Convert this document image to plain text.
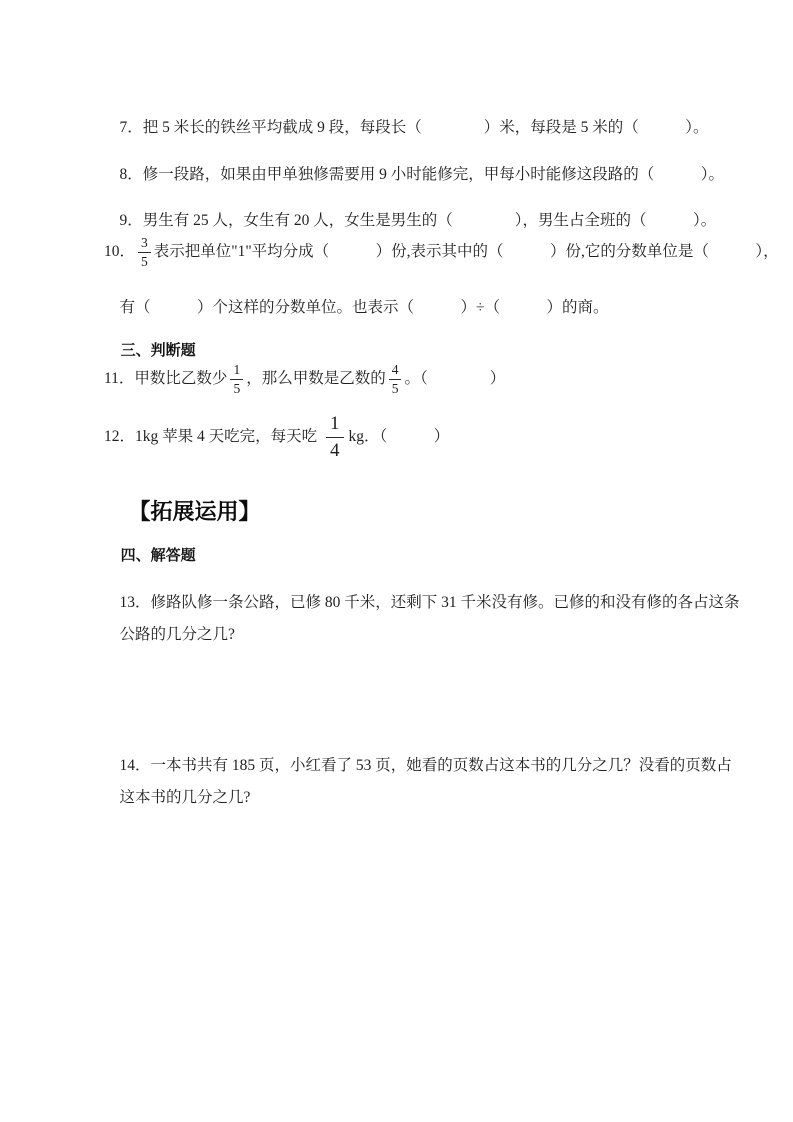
7．把 5 米长的铁丝平均截成 9 段，每段长（　　　　）米，每段是 5 米的（　　　）。

8．修一段路，如果由甲单独修需要用 9 小时能修完，甲每小时能修这段路的（　　　）。

9．男生有 25 人，女生有 20 人，女生是男生的（　　　　），男生占全班的（　　　）。

10． $\frac{3}{5}$ 表示把单位"1"平均分成（　　　）份,表示其中的（　　　）份,它的分数单位是（　　　），

有（　　　）个这样的分数单位。也表示（　　　）÷（　　　）的商。

三、判断题

11．甲数比乙数少 $\frac{1}{5}$ ，那么甲数是乙数的 $\frac{4}{5}$ 。（　　　　）
12．1kg 苹果 4 天吃完，每天吃 $\frac{1}{4}$ kg．（　　　）

【拓展运用】

四、解答题

13．修路队修一条公路，已修 80 千米，还剩下 31 千米没有修。已修的和没有修的各占这条

公路的几分之几?

14．一本书共有 185 页，小红看了 53 页，她看的页数占这本书的几分之几？没看的页数占

这本书的几分之几?
